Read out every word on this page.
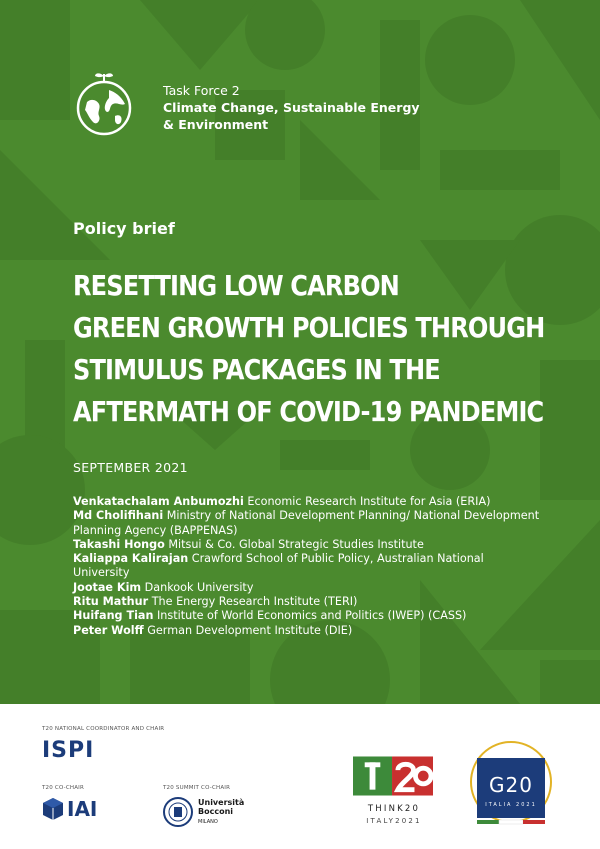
Task Force 2
Climate Change, Sustainable Energy
& Environment
Policy brief
RESETTING LOW CARBON
GREEN GROWTH POLICIES THROUGH
STIMULUS PACKAGES IN THE
AFTERMATH OF COVID-19 PANDEMIC
SEPTEMBER 2021
Venkatachalam Anbumozhi Economic Research Institute for Asia (ERIA)
Md Cholifihani Ministry of National Development Planning/ National Development Planning Agency (BAPPENAS)
Takashi Hongo Mitsui & Co. Global Strategic Studies Institute
Kaliappa Kalirajan Crawford School of Public Policy, Australian National University
Jootae Kim Dankook University
Ritu Mathur The Energy Research Institute (TERI)
Huifang Tian Institute of World Economics and Politics (IWEP) (CASS)
Peter Wolff German Development Institute (DIE)
T20 NATIONAL COORDINATOR AND CHAIR
ISPI
T20 CO-CHAIR
IAI
T20 SUMMIT CO-CHAIR
Università
Bocconi
MILANO
THINK20
ITALY2021
G20
ITALIA 2021
